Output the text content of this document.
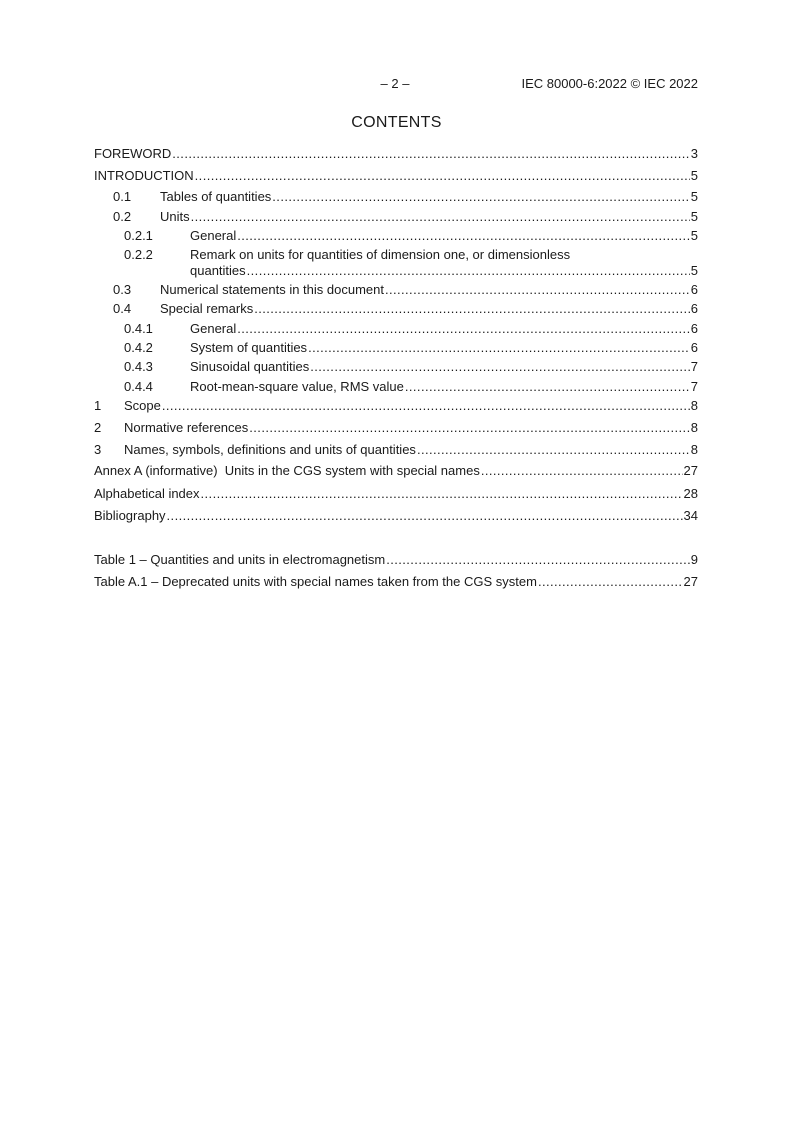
– 2 –	IEC 80000-6:2022 © IEC 2022
CONTENTS
FOREWORD .....	3
INTRODUCTION .....	5
0.1	Tables of quantities .....	5
0.2	Units .....	5
0.2.1	General .....	5
0.2.2	Remark on units for quantities of dimension one, or dimensionless
quantities .....	5
0.3	Numerical statements in this document .....	6
0.4	Special remarks .....	6
0.4.1	General .....	6
0.4.2	System of quantities .....	6
0.4.3	Sinusoidal quantities .....	7
0.4.4	Root-mean-square value, RMS value .....	7
1	Scope .....	8
2	Normative references .....	8
3	Names, symbols, definitions and units of quantities .....	8
Annex A (informative)  Units in the CGS system with special names .....	27
Alphabetical index .....	28
Bibliography .....	34
Table 1 – Quantities and units in electromagnetism .....	9
Table A.1 – Deprecated units with special names taken from the CGS system .....	27
